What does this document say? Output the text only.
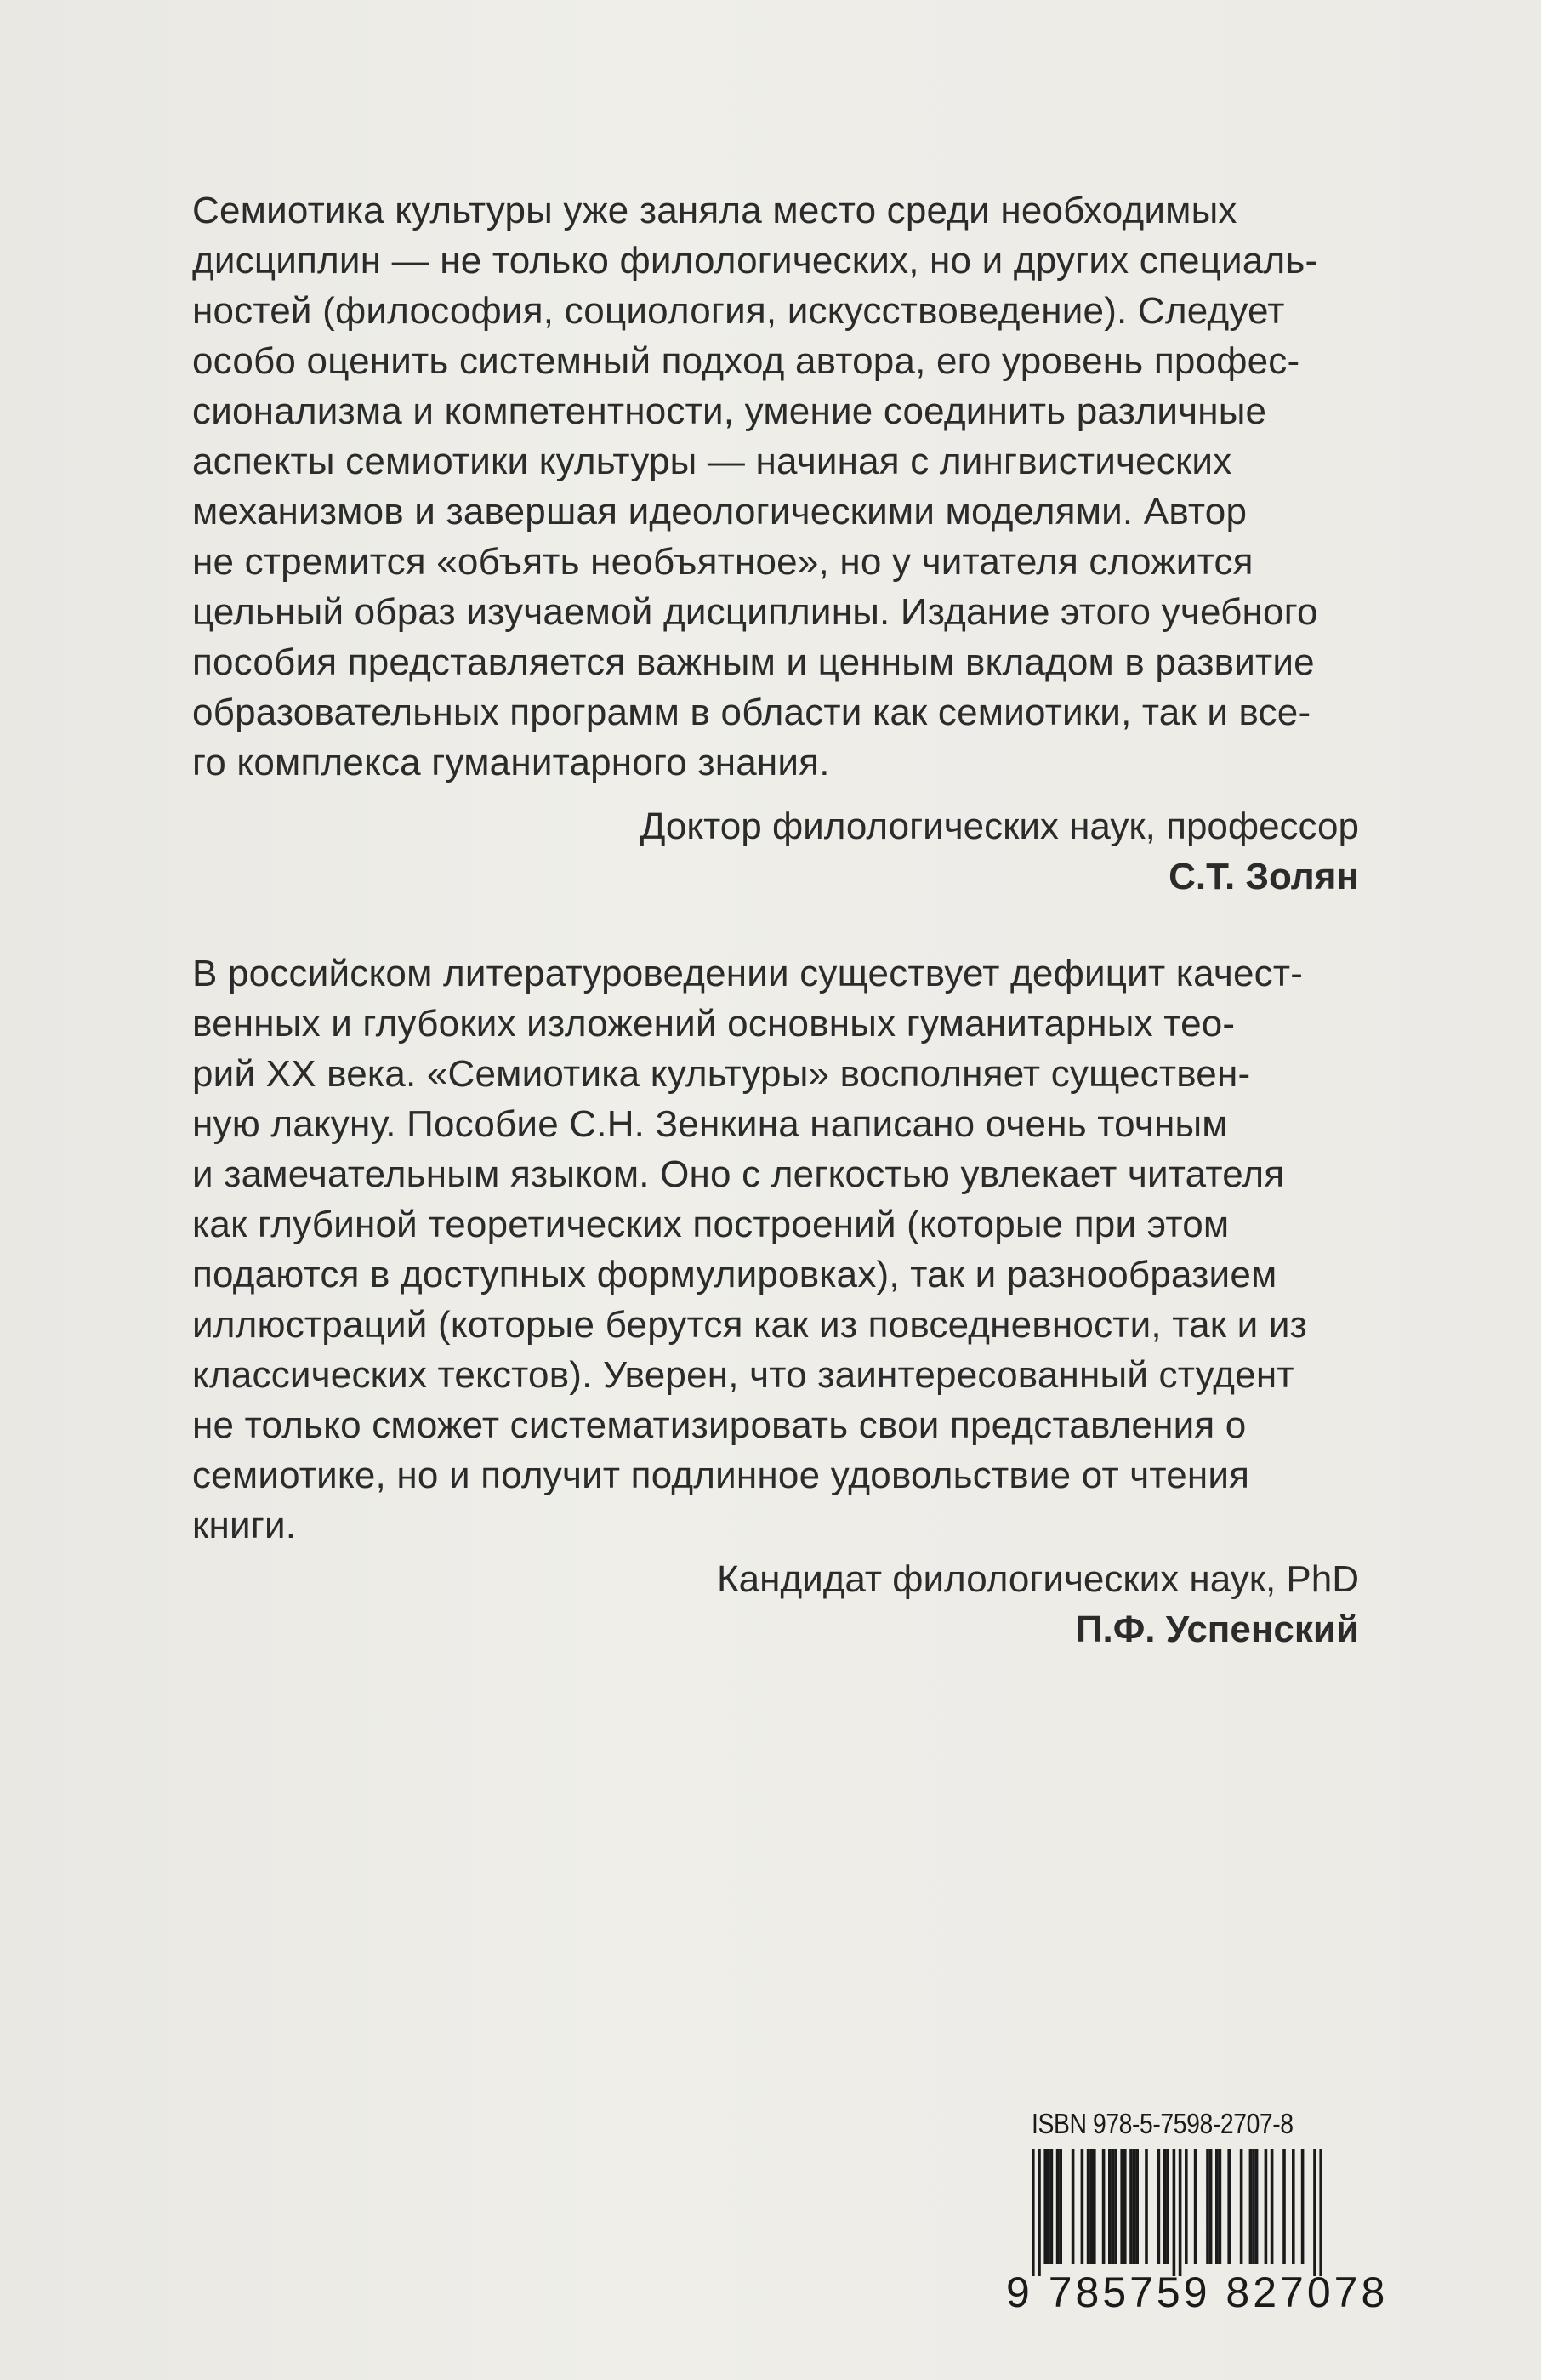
Семиотика культуры уже заняла место среди необходимых
дисциплин — не только филологических, но и других специаль-
ностей (философия, социология, искусствоведение). Следует
особо оценить системный подход автора, его уровень профес-
сионализма и компетентности, умение соединить различные
аспекты семиотики культуры — начиная с лингвистических
механизмов и завершая идеологическими моделями. Автор
не стремится «объять необъятное», но у читателя сложится
цельный образ изучаемой дисциплины. Издание этого учебного
пособия представляется важным и ценным вкладом в развитие
образовательных программ в области как семиотики, так и все-
го комплекса гуманитарного знания.
Доктор филологических наук, профессор
С.Т. Золян
В российском литературоведении существует дефицит качест-
венных и глубоких изложений основных гуманитарных тео-
рий XX века. «Семиотика культуры» восполняет существен-
ную лакуну. Пособие С.Н. Зенкина написано очень точным
и замечательным языком. Оно с легкостью увлекает читателя
как глубиной теоретических построений (которые при этом
подаются в доступных формулировках), так и разнообразием
иллюстраций (которые берутся как из повседневности, так и из
классических текстов). Уверен, что заинтересованный студент
не только сможет систематизировать свои представления о
семиотике, но и получит подлинное удовольствие от чтения
книги.
Кандидат филологических наук, PhD
П.Ф. Успенский
ISBN 978-5-7598-2707-8
9 785759 827078
